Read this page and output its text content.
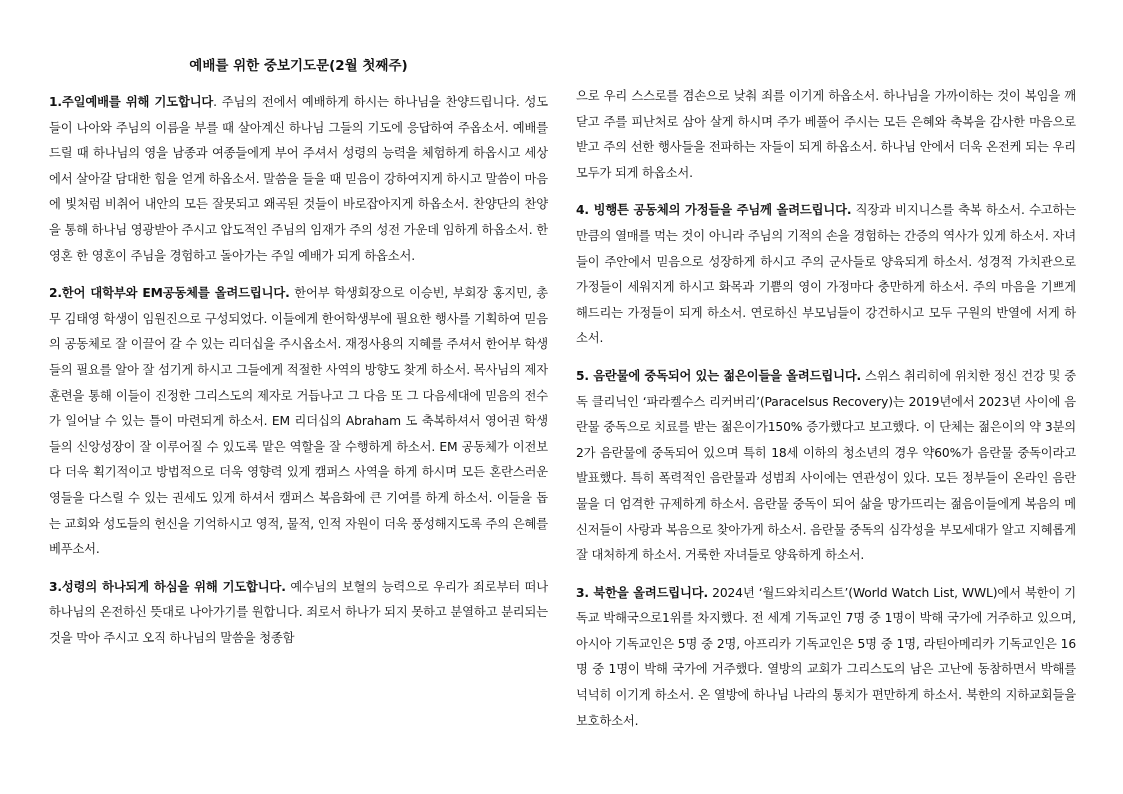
예배를 위한 중보기도문(2월 첫째주)

1.주일예배를 위해 기도합니다. 주님의 전에서 예배하게 하시는 하나님을 찬양드립니다. 성도들이 나아와 주님의 이름을 부를 때 살아계신 하나님 그들의 기도에 응답하여 주옵소서. 예배를 드릴 때 하나님의 영을 남종과 여종들에게 부어 주셔서 성령의 능력을 체험하게 하옵시고 세상에서 살아갈 담대한 힘을 얻게 하옵소서. 말씀을 들을 때 믿음이 강하여지게 하시고 말씀이 마음에 빛처럼 비취어 내안의 모든 잘못되고 왜곡된 것들이 바로잡아지게 하옵소서. 찬양단의 찬양을 통해 하나님 영광받아 주시고 압도적인 주님의 임재가 주의 성전 가운데 임하게 하옵소서. 한 영혼 한 영혼이 주님을 경험하고 돌아가는 주일 예배가 되게 하옵소서.

2.한어 대학부와 EM공동체를 올려드립니다. 한어부 학생회장으로 이승빈, 부회장 홍지민, 총무 김태영 학생이 임원진으로 구성되었다. 이들에게 한어학생부에 필요한 행사를 기획하여 믿음의 공동체로 잘 이끌어 갈 수 있는 리더십을 주시옵소서. 재정사용의 지혜를 주셔서 한어부 학생들의 필요를 알아 잘 섬기게 하시고 그들에게 적절한 사역의 방향도 찾게 하소서. 목사님의 제자훈련을 통해 이들이 진정한 그리스도의 제자로 거듭나고 그 다음 또 그 다음세대에 믿음의 전수가 일어날 수 있는 틀이 마련되게 하소서. EM 리더십의 Abraham 도 축복하셔서 영어권 학생들의 신앙성장이 잘 이루어질 수 있도록 맡은 역할을 잘 수행하게 하소서. EM 공동체가 이전보다 더욱 획기적이고 방법적으로 더욱 영향력 있게 캠퍼스 사역을 하게 하시며 모든 혼란스러운 영들을 다스릴 수 있는 권세도 있게 하셔서 캠퍼스 복음화에 큰 기여를 하게 하소서. 이들을 돕는 교회와 성도들의 헌신을 기억하시고 영적, 물적, 인적 자원이 더욱 풍성해지도록 주의 은혜를 베푸소서.

3.성령의 하나되게 하심을 위해 기도합니다. 예수님의 보혈의 능력으로 우리가 죄로부터 떠나 하나님의 온전하신 뜻대로 나아가기를 원합니다. 죄로서 하나가 되지 못하고 분열하고 분리되는 것을 막아 주시고 오직 하나님의 말씀을 청종함

으로 우리 스스로를 겸손으로 낮춰 죄를 이기게 하옵소서. 하나님을 가까이하는 것이 복임을 깨닫고 주를 피난처로 삼아 살게 하시며 주가 베풀어 주시는 모든 은혜와 축복을 감사한 마음으로 받고 주의 선한 행사들을 전파하는 자들이 되게 하옵소서. 하나님 안에서 더욱 온전케 되는 우리 모두가 되게 하옵소서.

4. 빙행튼 공동체의 가정들을 주님께 올려드립니다. 직장과 비지니스를 축복 하소서. 수고하는 만큼의 열매를 먹는 것이 아니라 주님의 기적의 손을 경험하는 간증의 역사가 있게 하소서. 자녀들이 주안에서 믿음으로 성장하게 하시고 주의 군사들로 양육되게 하소서. 성경적 가치관으로 가정들이 세워지게 하시고 화목과 기쁨의 영이 가정마다 충만하게 하소서. 주의 마음을 기쁘게 해드리는 가정들이 되게 하소서. 연로하신 부모님들이 강건하시고 모두 구원의 반열에 서게 하소서.

5. 음란물에 중독되어 있는 젊은이들을 올려드립니다. 스위스 취리히에 위치한 정신 건강 및 중독 클리닉인 ‘파라켈수스 리커버리’(Paracelsus Recovery)는 2019년에서 2023년 사이에 음란물 중독으로 치료를 받는 젊은이가150% 증가했다고 보고했다. 이 단체는 젊은이의 약 3분의 2가 음란물에 중독되어 있으며 특히 18세 이하의 청소년의 경우 약60%가 음란물 중독이라고 발표했다. 특히 폭력적인 음란물과 성범죄 사이에는 연관성이 있다. 모든 정부들이 온라인 음란물을 더 엄격한 규제하게 하소서. 음란물 중독이 되어 삶을 망가뜨리는 젊음이들에게 복음의 메신저들이 사랑과 복음으로 찾아가게 하소서. 음란물 중독의 심각성을 부모세대가 알고 지혜롭게 잘 대처하게 하소서. 거룩한 자녀들로 양육하게 하소서.

3. 북한을 올려드립니다. 2024년 ‘월드와치리스트’(World Watch List, WWL)에서 북한이 기독교 박해국으로1위를 차지했다. 전 세계 기독교인 7명 중 1명이 박해 국가에 거주하고 있으며, 아시아 기독교인은 5명 중 2명, 아프리카 기독교인은 5명 중 1명, 라틴아메리카 기독교인은 16명 중 1명이 박해 국가에 거주했다. 열방의 교회가 그리스도의 남은 고난에 동참하면서 박해를 넉넉히 이기게 하소서. 온 열방에 하나님 나라의 통치가 편만하게 하소서. 북한의 지하교회들을 보호하소서.
